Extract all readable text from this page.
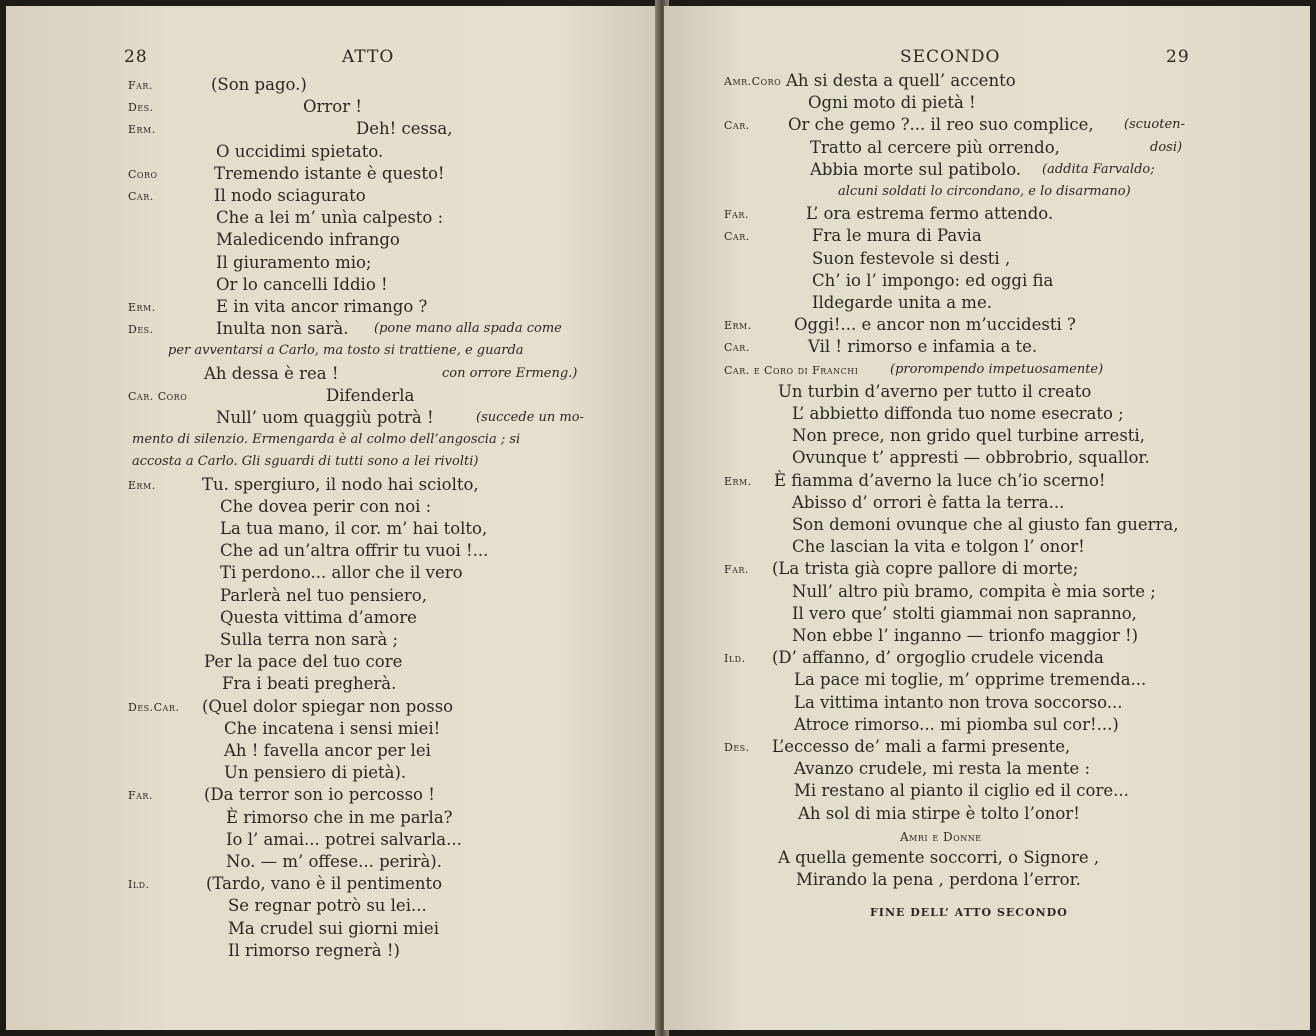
28	ATTO
Far.	(Son pago.)
Des.	Orror !
Erm.	Deh! cessa,
O uccidimi spietato.
Coro	Tremendo istante è questo!
Car.	Il nodo sciagurato
Che a lei m’ unìa calpesto :
Maledicendo infrango
Il giuramento mio;
Or lo cancelli Iddio !
Erm.	E in vita ancor rimango ?
Des.	Inulta non sarà. (pone mano alla spada come
per avventarsi a Carlo, ma tosto si trattiene, e guarda
Ah dessa è rea !	con orrore Ermeng.)
Car. Coro	Difenderla
Null’ uom quaggiù potrà !	(succede un mo-
mento di silenzio. Ermengarda è al colmo dell’angoscia ; si
accosta a Carlo. Gli sguardi di tutti sono a lei rivolti)
Erm.	Tu. spergiuro, il nodo hai sciolto,
Che dovea perir con noi :
La tua mano, il cor. m’ hai tolto,
Che ad un’altra offrir tu vuoi !...
Ti perdono... allor che il vero
Parlerà nel tuo pensiero,
Questa vittima d’amore
Sulla terra non sarà ;
Per la pace del tuo core
Fra i beati pregherà.
Des.Car. (Quel dolor spiegar non posso
Che incatena i sensi miei!
Ah ! favella ancor per lei
Un pensiero di pietà).
Far.	(Da terror son io percosso !
È rimorso che in me parla?
Io l’ amai... potrei salvarla...
No. — m’ offese... perirà).
Ild.	(Tardo, vano è il pentimento
Se regnar potrò su lei...
Ma crudel sui giorni miei
Il rimorso regnerà !)
SECONDO	29
Amr.Coro Ah si desta a quell’ accento
Ogni moto di pietà !
Car. Or che gemo ?... il reo suo complice, (scuoten-
Tratto al cercere più orrendo,	dosi)
Abbia morte sul patibolo. (addita Farvaldo;
alcuni soldati lo circondano, e lo disarmano)
Far.	L’ ora estrema fermo attendo.
Car.	Fra le mura di Pavia
Suon festevole si desti ,
Ch’ io l’ impongo: ed oggi fia
Ildegarde unita a me.
Erm.	Oggi!... e ancor non m’uccidesti ?
Car.	Vil ! rimorso e infamia a te.
Car. e Coro di Franchi (prorompendo impetuosamente)
Un turbin d’averno per tutto il creato
L’ abbietto diffonda tuo nome esecrato ;
Non prece, non grido quel turbine arresti,
Ovunque t’ appresti — obbrobrio, squallor.
Erm. È fiamma d’averno la luce ch’io scerno!
Abisso d’ orrori è fatta la terra...
Son demoni ovunque che al giusto fan guerra,
Che lascian la vita e tolgon l’ onor!
Far. (La trista già copre pallore di morte;
Null’ altro più bramo, compita è mia sorte ;
Il vero que’ stolti giammai non sapranno,
Non ebbe l’ inganno — trionfo maggior !)
Ild. (D’ affanno, d’ orgoglio crudele vicenda
La pace mi toglie, m’ opprime tremenda...
La vittima intanto non trova soccorso...
Atroce rimorso... mi piomba sul cor!...)
Des. L’eccesso de’ mali a farmi presente,
Avanzo crudele, mi resta la mente :
Mi restano al pianto il ciglio ed il core...
Ah sol di mia stirpe è tolto l’onor!
Amri e Donne
A quella gemente soccorri, o Signore ,
Mirando la pena , perdona l’error.
FINE DELL’ ATTO SECONDO
